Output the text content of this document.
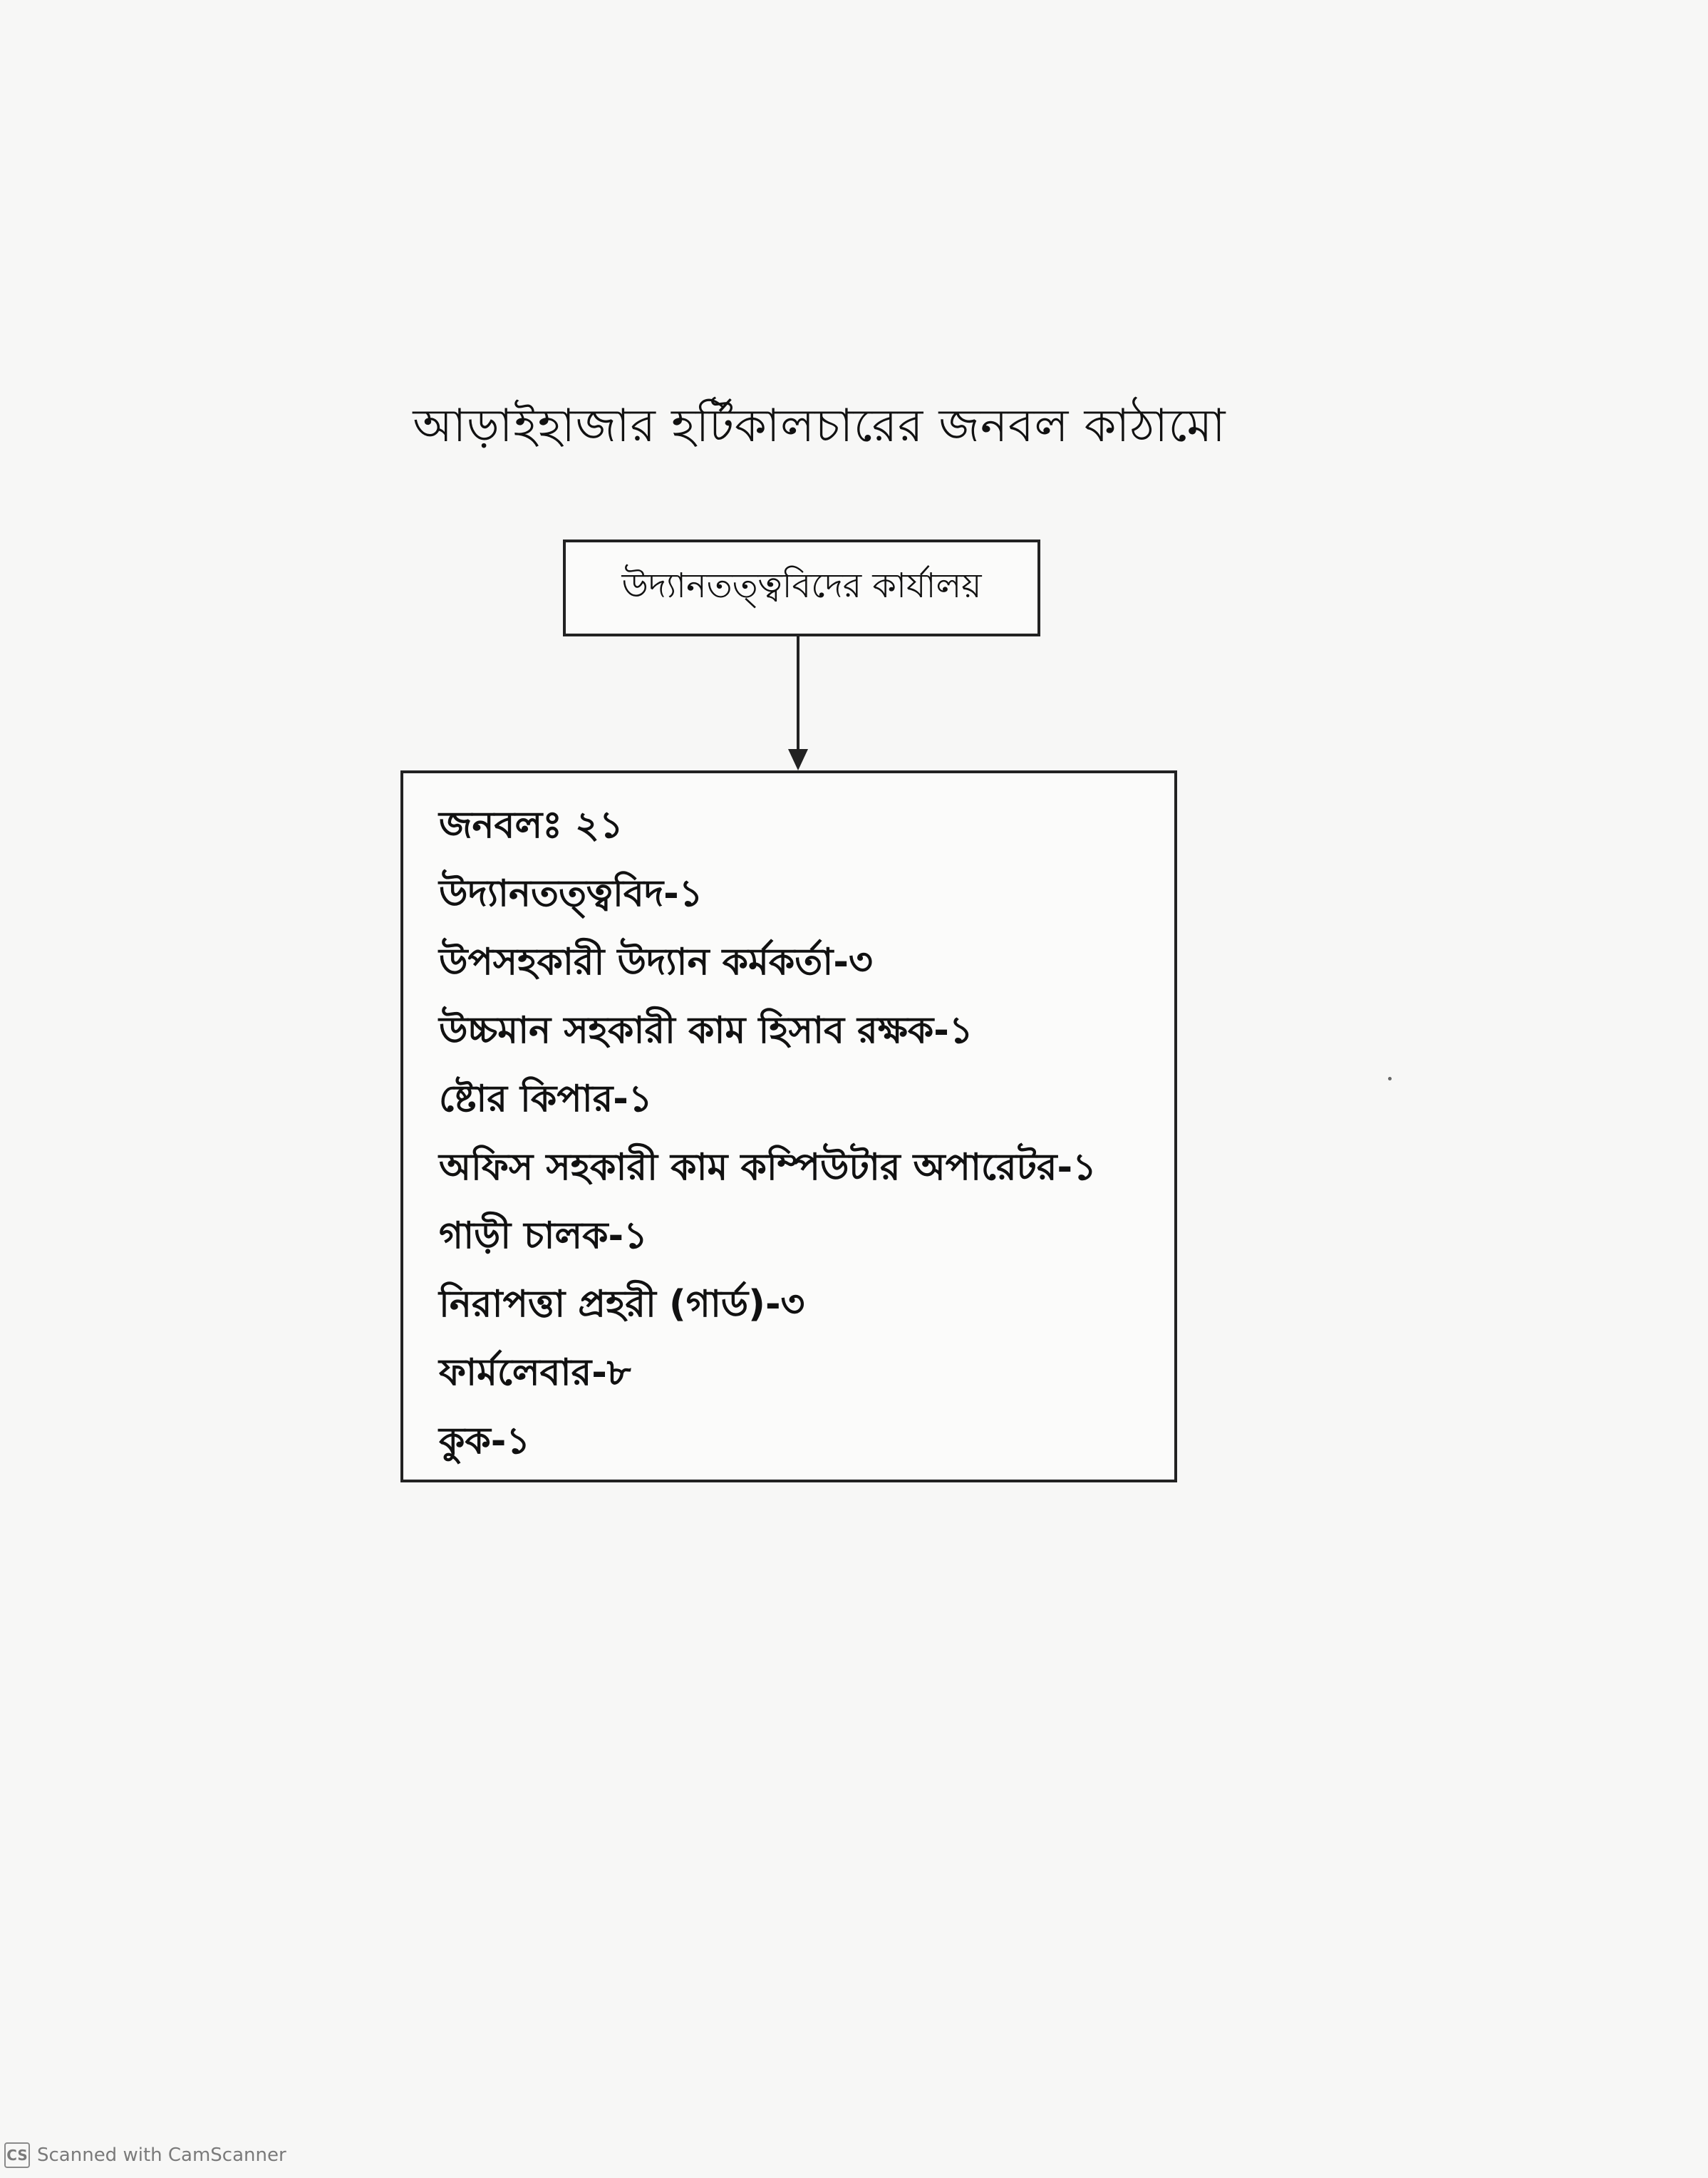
আড়াইহাজার হর্টিকালচারের জনবল কাঠামো
উদ্যানতত্ত্ববিদের কার্যালয়
জনবলঃ ২১
উদ্যানতত্ত্ববিদ-১
উপসহকারী উদ্যান কর্মকর্তা-৩
উচ্চমান সহকারী কাম হিসাব রক্ষক-১
ষ্টোর কিপার-১
অফিস সহকারী কাম কম্পিউটার অপারেটর-১
গাড়ী চালক-১
নিরাপত্তা প্রহরী (গার্ড)-৩
ফার্মলেবার-৮
কুক-১
CS Scanned with CamScanner
